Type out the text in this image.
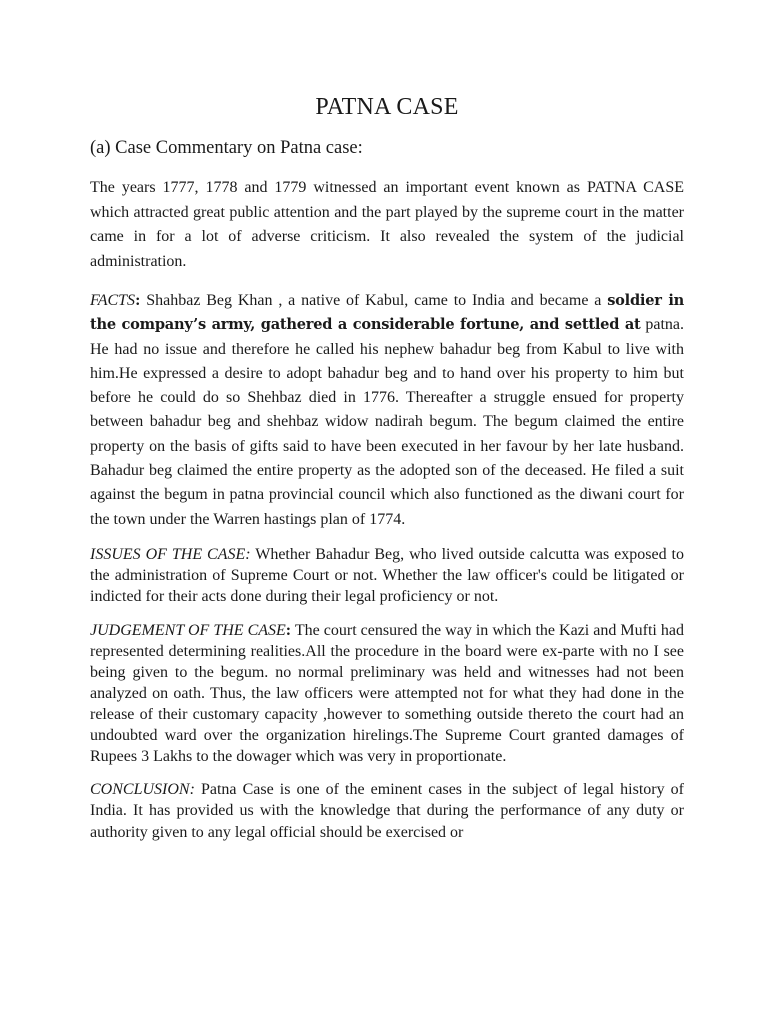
PATNA CASE
(a) Case Commentary on Patna case:

The years 1777, 1778 and 1779 witnessed an important event known as PATNA CASE which attracted great public attention and the part played by the supreme court in the matter came in for a lot of adverse criticism. It also revealed the system of the judicial administration.

FACTS: Shahbaz Beg Khan , a native of Kabul, came to India and became a soldier in the company’s army, gathered a considerable fortune, and settled at patna. He had no issue and therefore he called his nephew bahadur beg from Kabul to live with him.He expressed a desire to adopt bahadur beg and to hand over his property to him but before he could do so Shehbaz died in 1776. Thereafter a struggle ensued for property between bahadur beg and shehbaz widow nadirah begum. The begum claimed the entire property on the basis of gifts said to have been executed in her favour by her late husband. Bahadur beg claimed the entire property as the adopted son of the deceased. He filed a suit against the begum in patna provincial council which also functioned as the diwani court for the town under the Warren hastings plan of 1774.

ISSUES OF THE CASE: Whether Bahadur Beg, who lived outside calcutta was exposed to the administration of Supreme Court or not. Whether the law officer's could be litigated or indicted for their acts done during their legal proficiency or not.

JUDGEMENT OF THE CASE: The court censured the way in which the Kazi and Mufti had represented determining realities.All the procedure in the board were ex-parte with no I see being given to the begum. no normal preliminary was held and witnesses had not been analyzed on oath. Thus, the law officers were attempted not for what they had done in the release of their customary capacity ,however to something outside thereto the court had an undoubted ward over the organization hirelings.The Supreme Court granted damages of Rupees 3 Lakhs to the dowager which was very in proportionate.

CONCLUSION: Patna Case is one of the eminent cases in the subject of legal history of India. It has provided us with the knowledge that during the performance of any duty or authority given to any legal official should be exercised or
